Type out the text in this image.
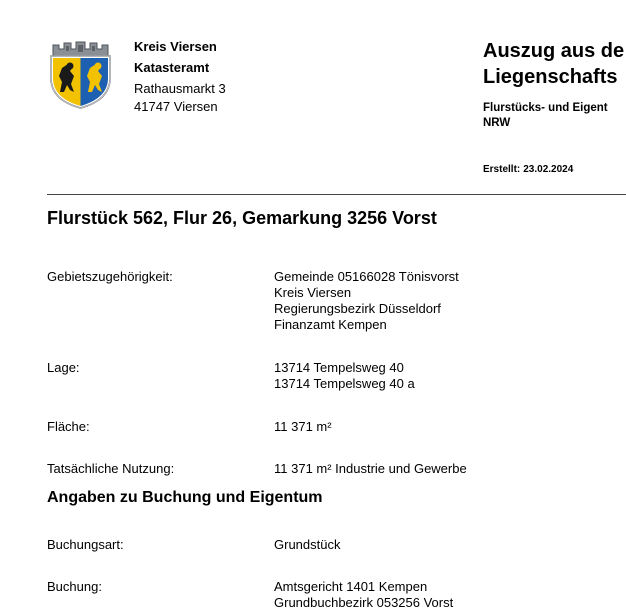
Kreis Viersen
Katasteramt
Rathausmarkt 3
41747 Viersen
Auszug aus de
Liegenschafts
Flurstücks- und Eigent
NRW
Erstellt: 23.02.2024
Flurstück 562, Flur 26, Gemarkung 3256 Vorst
Gebietszugehörigkeit:	Gemeinde 05166028 Tönisvorst
Kreis Viersen
Regierungsbezirk Düsseldorf
Finanzamt Kempen
Lage:	13714 Tempelsweg 40
13714 Tempelsweg 40 a
Fläche:	11 371 m²
Tatsächliche Nutzung:	11 371 m² Industrie und Gewerbe
Angaben zu Buchung und Eigentum
Buchungsart:	Grundstück
Buchung:	Amtsgericht 1401 Kempen
Grundbuchbezirk 053256 Vorst
